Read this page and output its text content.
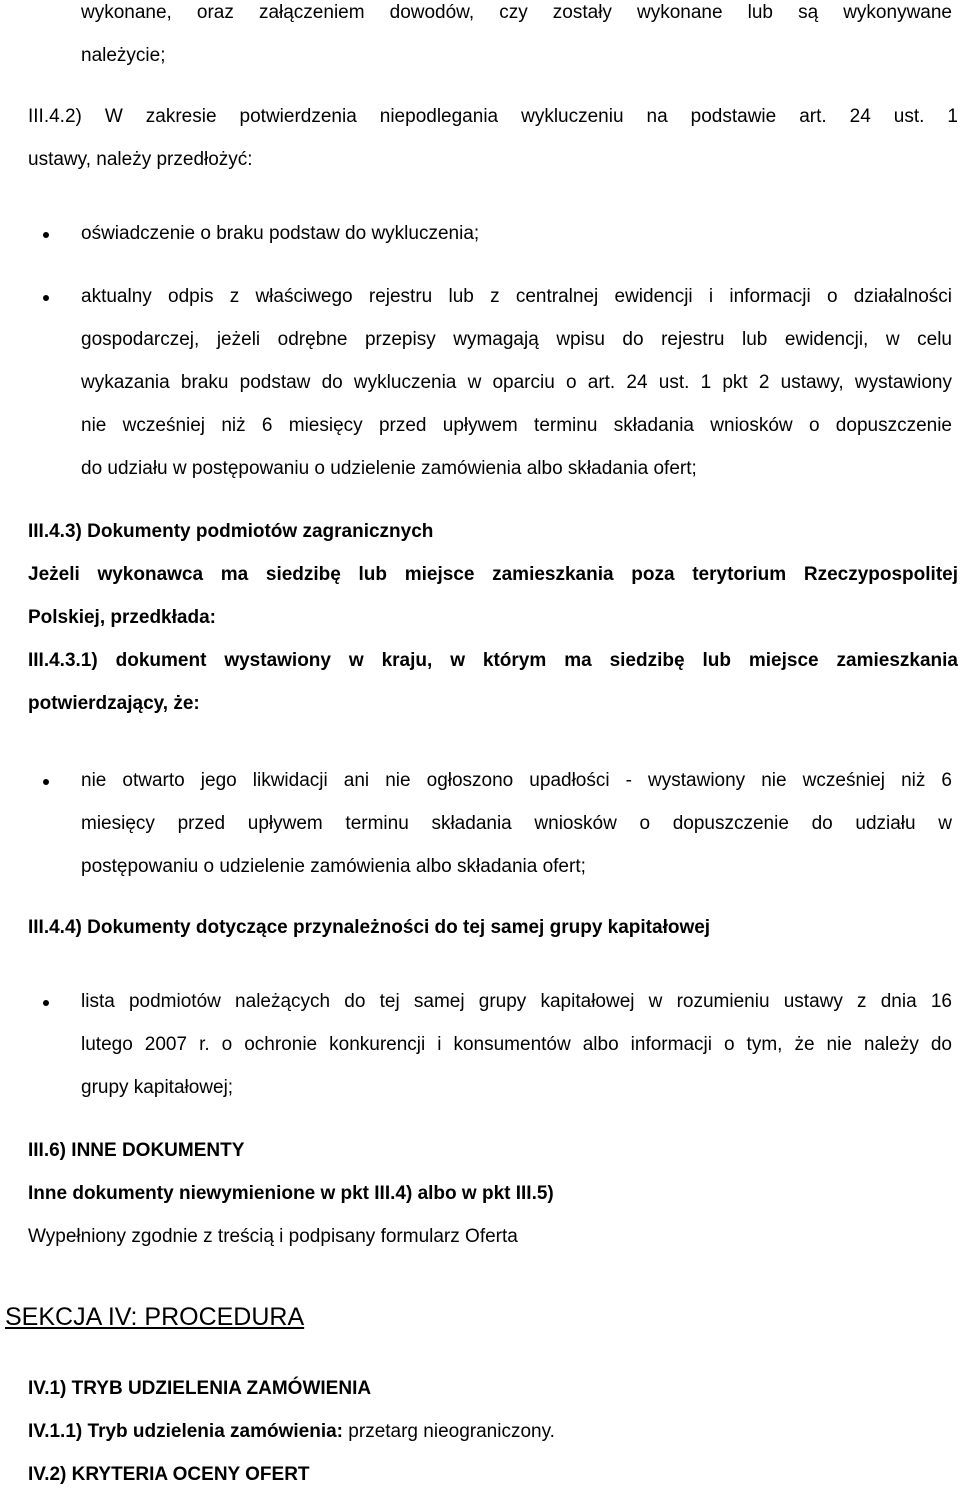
wykonane, oraz załączeniem dowodów, czy zostały wykonane lub są wykonywane
należycie;
III.4.2) W zakresie potwierdzenia niepodlegania wykluczeniu na podstawie art. 24 ust. 1
ustawy, należy przedłożyć:
oświadczenie o braku podstaw do wykluczenia;
aktualny odpis z właściwego rejestru lub z centralnej ewidencji i informacji o działalności
gospodarczej, jeżeli odrębne przepisy wymagają wpisu do rejestru lub ewidencji, w celu
wykazania braku podstaw do wykluczenia w oparciu o art. 24 ust. 1 pkt 2 ustawy, wystawiony
nie wcześniej niż 6 miesięcy przed upływem terminu składania wniosków o dopuszczenie
do udziału w postępowaniu o udzielenie zamówienia albo składania ofert;
III.4.3) Dokumenty podmiotów zagranicznych
Jeżeli wykonawca ma siedzibę lub miejsce zamieszkania poza terytorium Rzeczypospolitej
Polskiej, przedkłada:
III.4.3.1) dokument wystawiony w kraju, w którym ma siedzibę lub miejsce zamieszkania
potwierdzający, że:
nie otwarto jego likwidacji ani nie ogłoszono upadłości - wystawiony nie wcześniej niż 6
miesięcy przed upływem terminu składania wniosków o dopuszczenie do udziału w
postępowaniu o udzielenie zamówienia albo składania ofert;
III.4.4) Dokumenty dotyczące przynależności do tej samej grupy kapitałowej
lista podmiotów należących do tej samej grupy kapitałowej w rozumieniu ustawy z dnia 16
lutego 2007 r. o ochronie konkurencji i konsumentów albo informacji o tym, że nie należy do
grupy kapitałowej;
III.6) INNE DOKUMENTY
Inne dokumenty niewymienione w pkt III.4) albo w pkt III.5)
Wypełniony zgodnie z treścią i podpisany formularz Oferta
SEKCJA IV: PROCEDURA
IV.1) TRYB UDZIELENIA ZAMÓWIENIA
IV.1.1) Tryb udzielenia zamówienia: przetarg nieograniczony.
IV.2) KRYTERIA OCENY OFERT
